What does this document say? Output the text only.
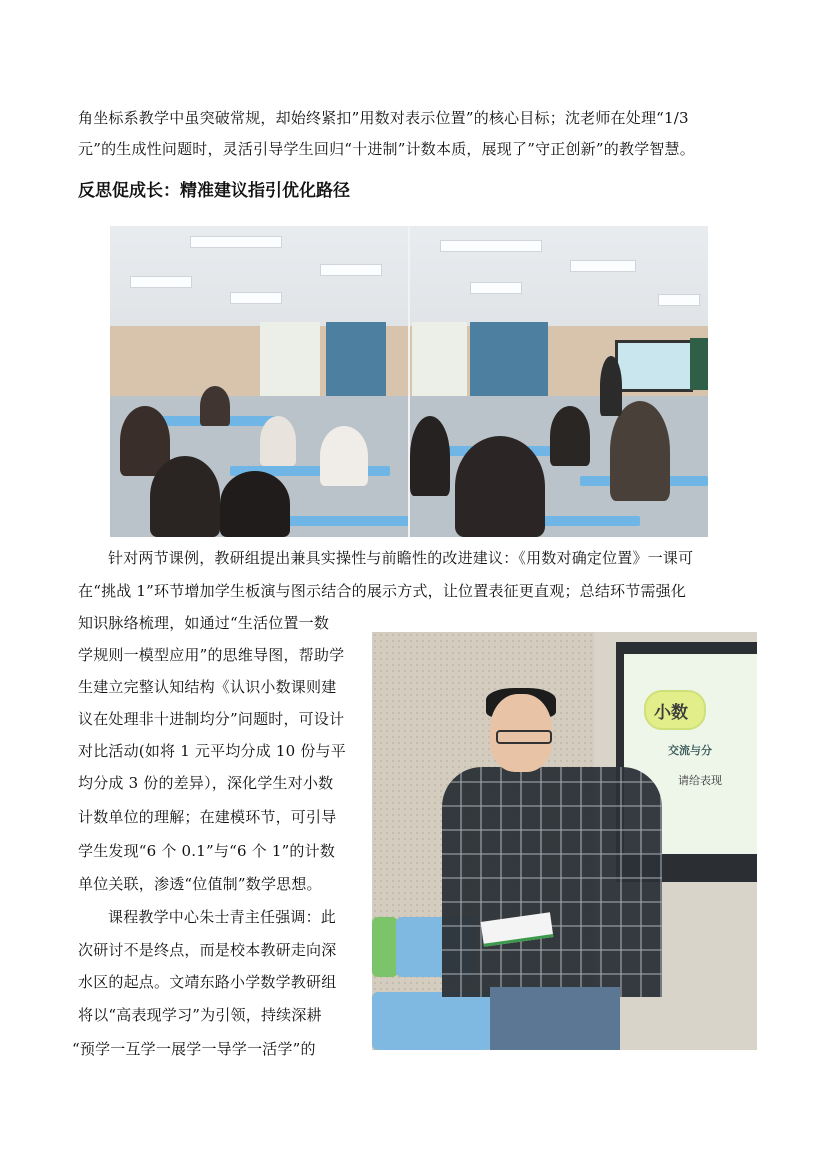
角坐标系教学中虽突破常规，却始终紧扣”用数对表示位置”的核心目标；沈老师在处理“1/3
元”的生成性问题时，灵活引导学生回归“十进制”计数本质，展现了”守正创新”的教学智慧。
反思促成长：精准建议指引优化路径
针对两节课例，教研组提出兼具实操性与前瞻性的改进建议：《用数对确定位置》一课可
在“挑战 1”环节增加学生板演与图示结合的展示方式，让位置表征更直观；总结环节需强化
知识脉络梳理，如通过“生活位置一数
学规则一模型应用”的思维导图，帮助学
生建立完整认知结构《认识小数课则建
议在处理非十进制均分”问题时，可设计
对比活动(如将 1 元平均分成 10 份与平
均分成 3 份的差异），深化学生对小数
计数单位的理解；在建模环节，可引导
学生发现“6 个 0.1”与“6 个 1”的计数
单位关联，渗透“位值制”数学思想。
课程教学中心朱士青主任强调：此
次研讨不是终点，而是校本教研走向深
水区的起点。文靖东路小学数学教研组
将以“高表现学习”为引领，持续深耕
“预学一互学一展学一导学一活学”的
小数
交流与分
请给表现
